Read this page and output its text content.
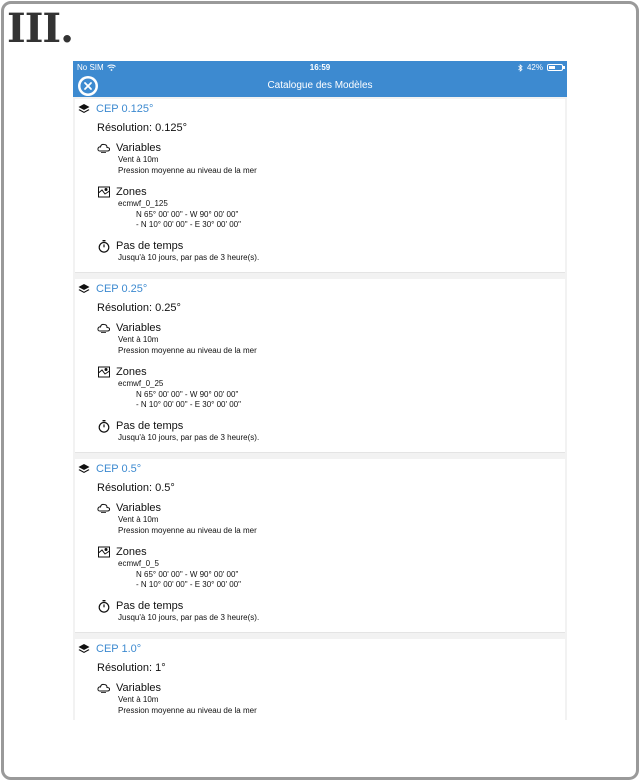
III.
No SIM	16:59	42%
Catalogue des Modèles
CEP 0.125°
Résolution: 0.125°
Variables
Vent à 10m
Pression moyenne au niveau de la mer
Zones
ecmwf_0_125
N 65° 00' 00" - W 90° 00' 00"
- N 10° 00' 00" - E 30° 00' 00"
Pas de temps
Jusqu'à 10 jours, par pas de 3 heure(s).
CEP 0.25°
Résolution: 0.25°
Variables
Vent à 10m
Pression moyenne au niveau de la mer
Zones
ecmwf_0_25
N 65° 00' 00" - W 90° 00' 00"
- N 10° 00' 00" - E 30° 00' 00"
Pas de temps
Jusqu'à 10 jours, par pas de 3 heure(s).
CEP 0.5°
Résolution: 0.5°
Variables
Vent à 10m
Pression moyenne au niveau de la mer
Zones
ecmwf_0_5
N 65° 00' 00" - W 90° 00' 00"
- N 10° 00' 00" - E 30° 00' 00"
Pas de temps
Jusqu'à 10 jours, par pas de 3 heure(s).
CEP 1.0°
Résolution: 1°
Variables
Vent à 10m
Pression moyenne au niveau de la mer
